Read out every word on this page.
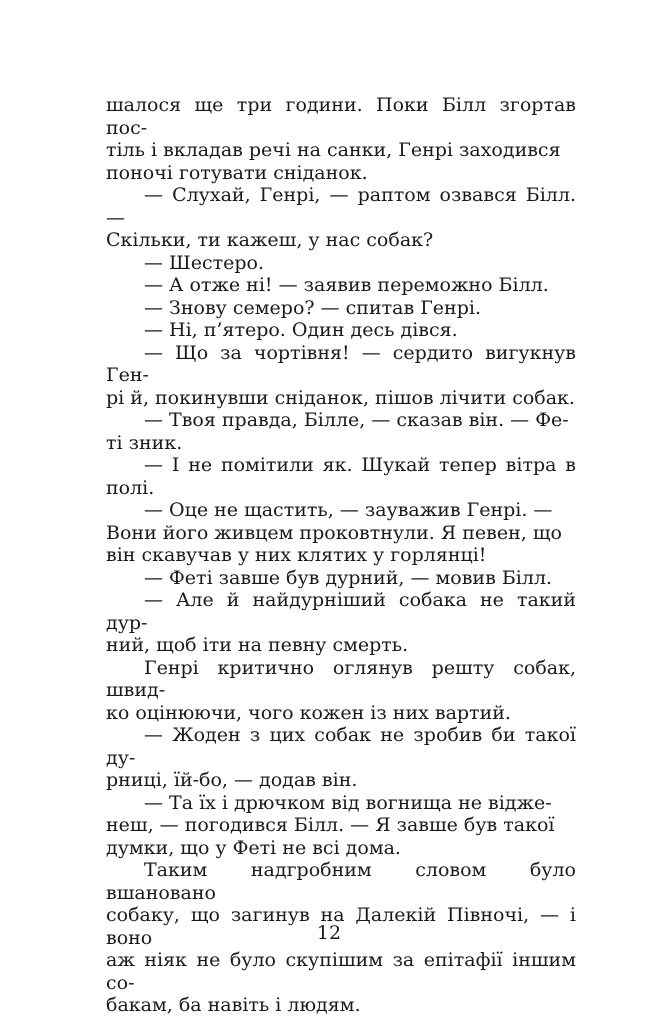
шалося ще три години. Поки Білл згортав пос-
тіль і вкладав речі на санки, Генрі заходився
поночі готувати сніданок.

— Слухай, Генрі, — раптом озвався Білл. —
Скільки, ти кажеш, у нас собак?

— Шестеро.

— А отже ні! — заявив переможно Білл.

— Знову семеро? — спитав Генрі.

— Ні, п’ятеро. Один десь дівся.

— Що за чортівня! — сердито вигукнув Ген-
рі й, покинувши сніданок, пішов лічити собак.

— Твоя правда, Білле, — сказав він. — Фе-
ті зник.

— І не помітили як. Шукай тепер вітра в полі.

— Оце не щастить, — зауважив Генрі. —
Вони його живцем проковтнули. Я певен, що
він скавучав у них клятих у горлянці!

— Феті завше був дурний, — мовив Білл.

— Але й найдурніший собака не такий дур-
ний, щоб іти на певну смерть.

Генрі критично оглянув решту собак, швид-
ко оцінюючи, чого кожен із них вартий.

— Жоден з цих собак не зробив би такої ду-
рниці, їй-бо, — додав він.

— Та їх і дрючком від вогнища не відже-
неш, — погодився Білл. — Я завше був такої
думки, що у Феті не всі дома.

Таким надгробним словом було вшановано
собаку, що загинув на Далекій Півночі, — і воно
аж ніяк не було скупішим за епітафії іншим со-
бакам, ба навіть і людям.

12
